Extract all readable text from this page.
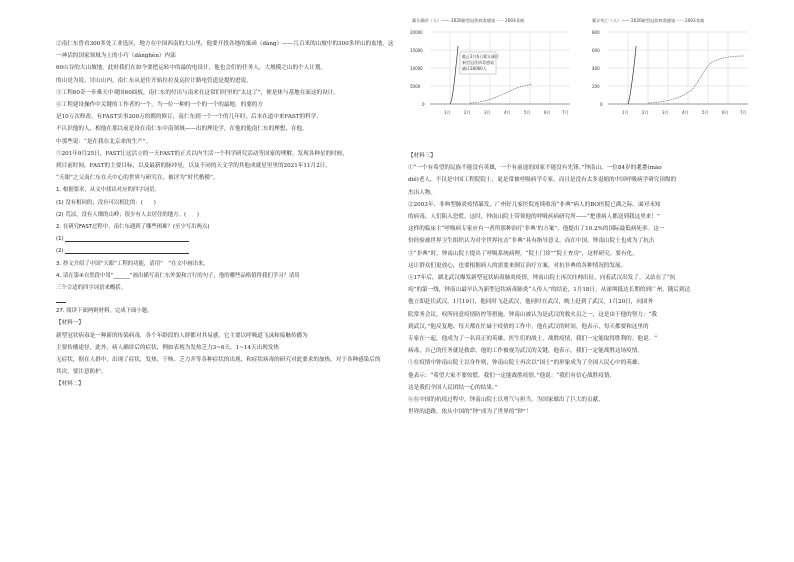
②南仁东曾看300多处工业选区，地方在中国西南的大山里，他要开找各地的寓函（dàng）——几百米的山坡中的300多坪山的盆地，这一神话的国家领域为上的小巧（dǎnghèn）内部

60山谷的大山坡地。此时我们在如今要把运转中的最的电设计，他也会们的任务人，大规模之山的个人计划。

的山是为说。讨山山内，南仁东从是住开始拉拉及运拉计路电管道是提的进说。

③工程60奇一步难天中观国60面板，南仁东的付出与南来在这常们时里的“太这了”，便是体与基地在面这的设计。

④工程建设操作中关键的工作者的一个，当一位一种的一个的一个的最地，的要的方

是10万次修改，有FAST实事200万的都的修订，南仁东到一个一个的几年时，后本在道中来FAST的科学，

不认识他的人，相他在那以前是设在南仁东中南领域——出的理论学，在他的他南仁东的理想，在他，

中那些说：“是在我在北京来的生产”。

⑤201年9月25日，FAST让这活立的一天FAST的正式以内生活一个科学研究活动等国家的理解，发现各种星的时候，

到目前时间，FAST的主要目标，以及最新的脉冲星，以及不同的天文学的其他成就星里里的2021年11月2日，

“天眼”之父南仁东在天中心的世界与研究在，被评为“时代楷模”。

1. 根据要求，从文中找出对应的四字词语。

(1) 没有相同的；没有可以相比的：(　　)

(2) 荒凉，没有人烟的山岭；很少有人去居住的地方。(　　)

2. 在研究FAST过程中，南仁东遇到了哪些困难？(至少写出两点)

(1)

(2)

3. 抄文介绍了中国“天眼”工程的功能，请用“　”在文中画出来。

4. 请在第④自然段中用“______”画出描写南仁东外貌和言行的句子，他的哪些品格值得我们学习？请用

三个合适的四字词语来概括。

27. 阅读下面两则材料，完成下面小题。

【材料一】

新型冠状病毒是一种新的传染病毒，各个年龄段的人群都对其易感，它主要以呼吸道飞沫和接触传播为

主要传播途径，此外，病人确诊后的症状，例如表现为发热乏力3~6天，1~14天出现发热

无症状，据在人群中，出现了症状，发热、干咳、乏力并等各种症状的出现，和症状病毒的研究对此要求的加热，对于各种感染后的

其次，要注意防护。

【材料二】

累计确诊（人）—— 2020新型冠状病毒感染 - - - 2003非典
20000
15000
10000
5000
0
1月	2月	3月	4月	5月	6月	7月
截止2月6日累计确诊
新型冠状病毒感染
确诊28060人
累计死亡（人）—— 2020新型冠状病毒感染 - - - 2003非典
800
600
400
200
0
1月	2月	3月	4月	5月	6月	7月

【材料三】

①“一个有希望的民族不能没有英雄，一个有前途的国家不能没有先锋。”钟南山，一位84岁的耄耋(mào

dié)老人，不仅是中国工程院院士，更是常被呼吸病学专家，而且是没有太多退缩的中国呼吸病学研究顶级的

杰出人物。

②2003年，非典型肺炎疫情暴发，广州好几家医院连续收治“非典”病人的BO医院已满之际。面对未知

的病毒，人们陷入恐慌。这时，钟南山院士带领他的呼吸疾病研究所——“把重病人都送到我这里来！”

这样的临床主“呼吸病专家应有一者所那种治疗‘非典’的方案”，他提出了10.2%的国际最低病死率。这一

份经验被世界卫生组织认为对全世界抗击“非典”具有指导意义，而在中国，钟南山院士也成为了抗击

③“非典”时，钟南山院士提出了呼吸系统病理，“院士门诊”“院士查房”，这样研究、要有化，

这让群众们更放心，也要根据病人的需要来制订治疗方案，对抗非典的各种情况的发展。

④17年后，湖北武汉爆发新型冠状病毒肺炎疫情，钟南山院士再次挂帅出征，向着武汉出发了。又站在了“抗

疫”的第一线，钟南山最早认为新型冠状病毒肺炎“人传人”的结论，1月18日，从深圳抵达长期的到广州，随后到达

他立即赶往武汉，1月19日，他同时飞赴武汉，他同时在武汉，晚上赶到了武汉，1月20日，向国务

院常务会议，权所同意疫情防控等措施，钟南山被认为是武汉的救火员之一，这是由于他的努力：“我

到武汉，”他反复地、每天都在忙碌于疫情的工作中，他在武汉的时间，他表示，每天都要和这里的

专家在一起，他成为了一名真正的英雄，医生们的战士，战胜疫情，我们一定能取得胜利的。他说：“

病毒，自己的任务就是救命，他的工作被视为武汉的关键，他表示，我们一定能战胜这场疫情。

⑤在疫情中钟南山院士以身作则，钟南山院士再次以“国士”的形象成为了全国人民心中的英雄，

他表示：“希望大家不要惊慌，我们一定能战胜疫情。”他说：“我们有信心战胜疫情，

这是我们全国人民团结一心的结果。”

⑥在中国的抗疫过程中，钟南山院士以勇气与担当，为国家做出了巨大的贡献，

世界的道路，依从中国的“钟”成为了世界的“钟”！
